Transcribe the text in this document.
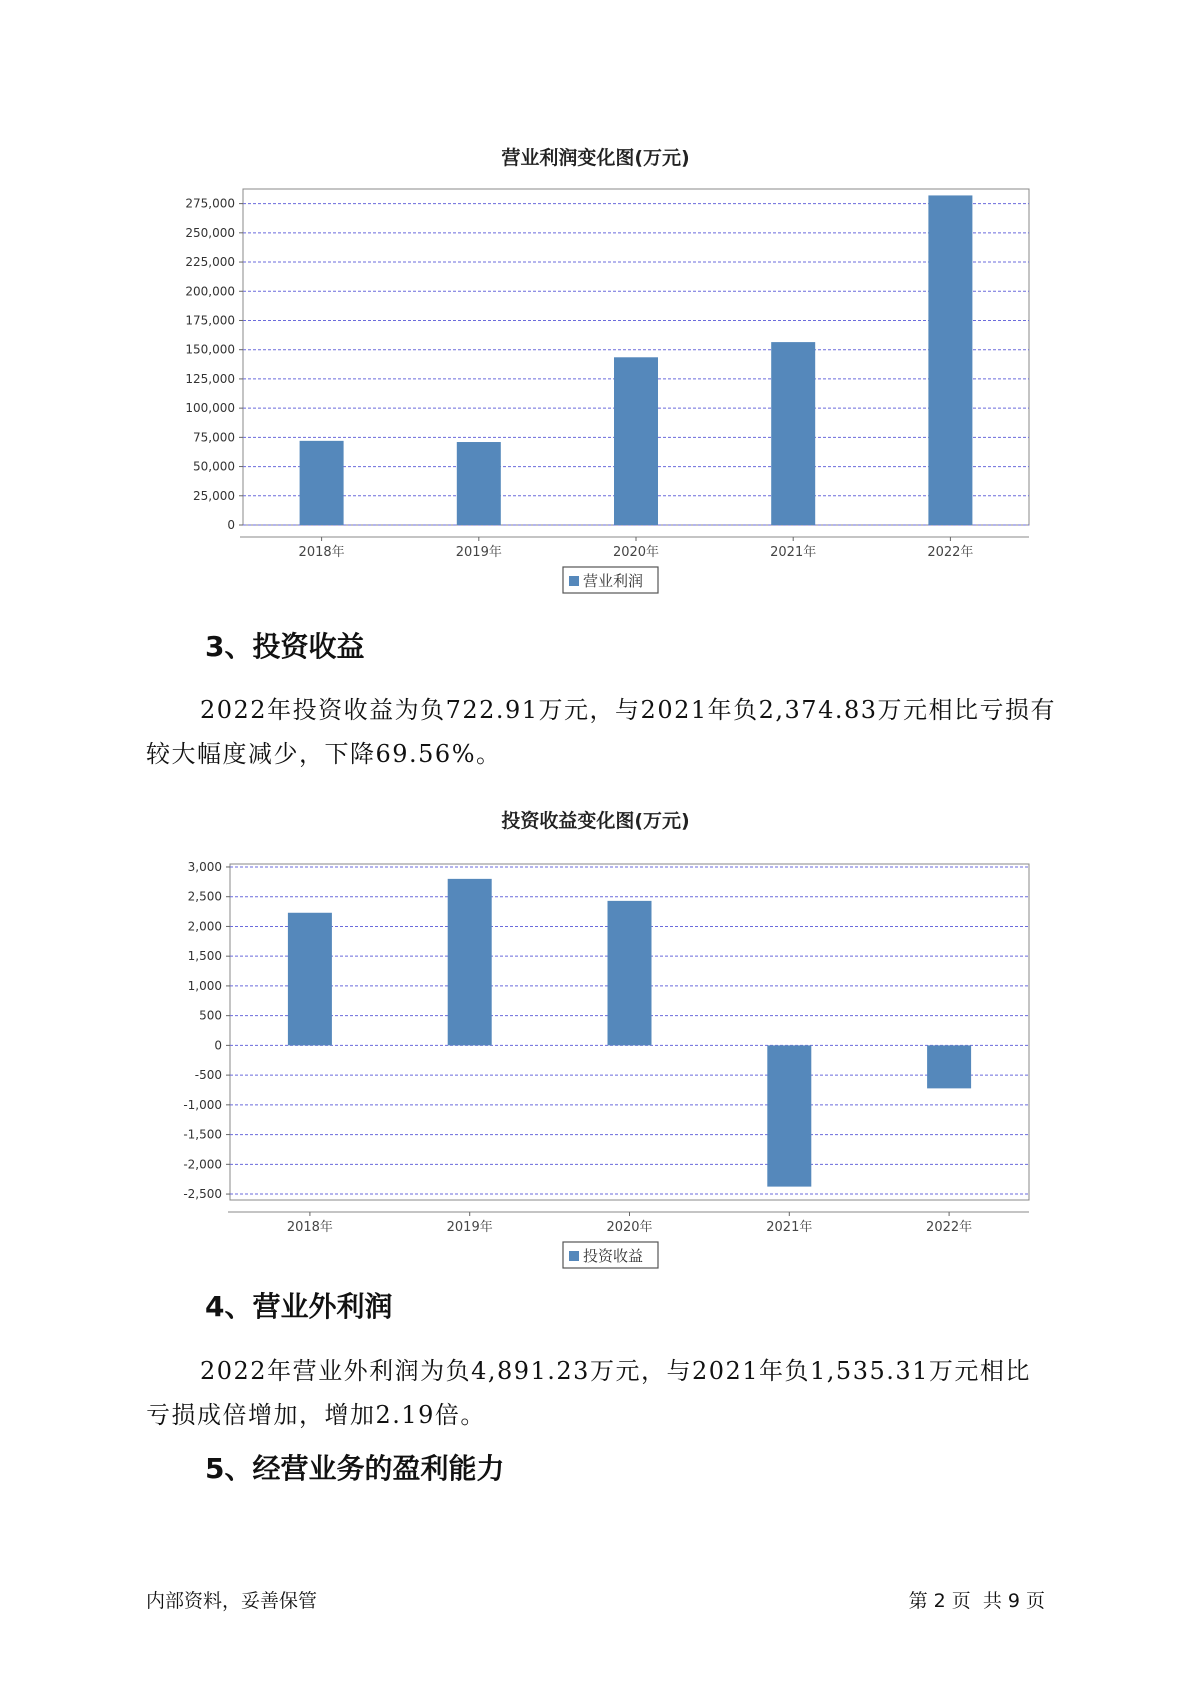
营业利润变化图(万元)
0
25,000
50,000
75,000
100,000
125,000
150,000
175,000
200,000
225,000
250,000
275,000
2018年	2019年	2020年	2021年	2022年
营业利润
3、投资收益

2022年投资收益为负722.91万元，与2021年负2,374.83万元相比亏损有较大幅度减少，下降69.56%。

投资收益变化图(万元)
-2,500
-2,000
-1,500
-1,000
-500
0
500
1,000
1,500
2,000
2,500
3,000
2018年	2019年	2020年	2021年	2022年
投资收益
4、营业外利润

2022年营业外利润为负4,891.23万元，与2021年负1,535.31万元相比亏损成倍增加，增加2.19倍。

5、经营业务的盈利能力
内部资料，妥善保管	第 2 页  共 9 页
